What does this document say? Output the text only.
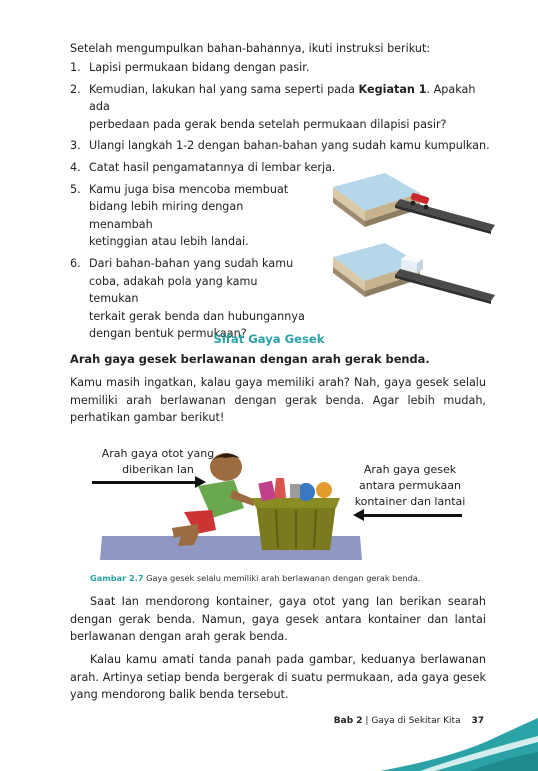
Setelah mengumpulkan bahan-bahannya, ikuti instruksi berikut:
1. Lapisi permukaan bidang dengan pasir.
2. Kemudian, lakukan hal yang sama seperti pada Kegiatan 1. Apakah ada
perbedaan pada gerak benda setelah permukaan dilapisi pasir?
3. Ulangi langkah 1-2 dengan bahan-bahan yang sudah kamu kumpulkan.
4. Catat hasil pengamatannya di lembar kerja.
5. Kamu juga bisa mencoba membuat
bidang lebih miring dengan menambah
ketinggian atau lebih landai.
6. Dari bahan-bahan yang sudah kamu
coba, adakah pola yang kamu temukan
terkait gerak benda dan hubungannya
dengan bentuk permukaan?
Sifat Gaya Gesek
Arah gaya gesek berlawanan dengan arah gerak benda.
Kamu masih ingatkan, kalau gaya memiliki arah? Nah, gaya gesek selalu memiliki arah berlawanan dengan gerak benda. Agar lebih mudah, perhatikan gambar berikut!
Arah gaya otot yang
diberikan Ian	Arah gaya gesek
antara permukaan
kontainer dan lantai
Gambar 2.7 Gaya gesek selalu memiliki arah berlawanan dengan gerak benda.
Saat Ian mendorong kontainer, gaya otot yang Ian berikan searah dengan gerak benda. Namun, gaya gesek antara kontainer dan lantai berlawanan dengan arah gerak benda.
Kalau kamu amati tanda panah pada gambar, keduanya berlawanan arah. Artinya setiap benda bergerak di suatu permukaan, ada gaya gesek yang mendorong balik benda tersebut.
Bab 2 | Gaya di Sekitar Kita 37
